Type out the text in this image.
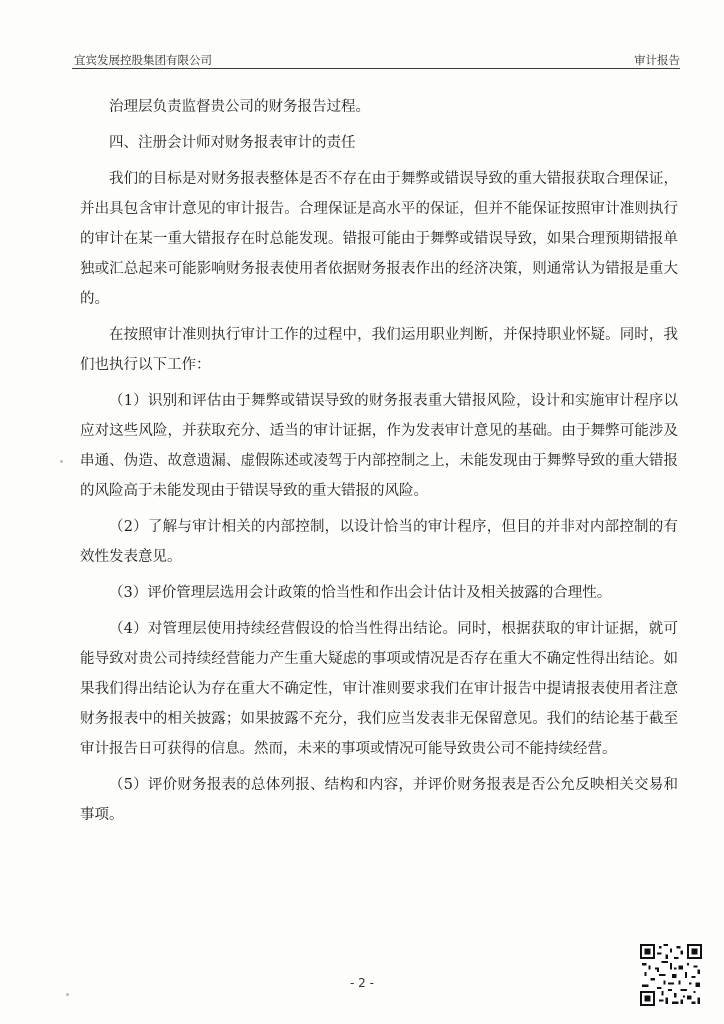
宜宾发展控股集团有限公司	审计报告

治理层负责监督贵公司的财务报告过程。

四、注册会计师对财务报表审计的责任

我们的目标是对财务报表整体是否不存在由于舞弊或错误导致的重大错报获取合理保证，并出具包含审计意见的审计报告。合理保证是高水平的保证，但并不能保证按照审计准则执行的审计在某一重大错报存在时总能发现。错报可能由于舞弊或错误导致，如果合理预期错报单独或汇总起来可能影响财务报表使用者依据财务报表作出的经济决策，则通常认为错报是重大的。

在按照审计准则执行审计工作的过程中，我们运用职业判断，并保持职业怀疑。同时，我们也执行以下工作：

（1）识别和评估由于舞弊或错误导致的财务报表重大错报风险，设计和实施审计程序以应对这些风险，并获取充分、适当的审计证据，作为发表审计意见的基础。由于舞弊可能涉及串通、伪造、故意遗漏、虚假陈述或凌驾于内部控制之上，未能发现由于舞弊导致的重大错报的风险高于未能发现由于错误导致的重大错报的风险。

（2）了解与审计相关的内部控制，以设计恰当的审计程序，但目的并非对内部控制的有效性发表意见。

（3）评价管理层选用会计政策的恰当性和作出会计估计及相关披露的合理性。

（4）对管理层使用持续经营假设的恰当性得出结论。同时，根据获取的审计证据，就可能导致对贵公司持续经营能力产生重大疑虑的事项或情况是否存在重大不确定性得出结论。如果我们得出结论认为存在重大不确定性，审计准则要求我们在审计报告中提请报表使用者注意财务报表中的相关披露；如果披露不充分，我们应当发表非无保留意见。我们的结论基于截至审计报告日可获得的信息。然而，未来的事项或情况可能导致贵公司不能持续经营。

（5）评价财务报表的总体列报、结构和内容，并评价财务报表是否公允反映相关交易和事项。

- 2 -
